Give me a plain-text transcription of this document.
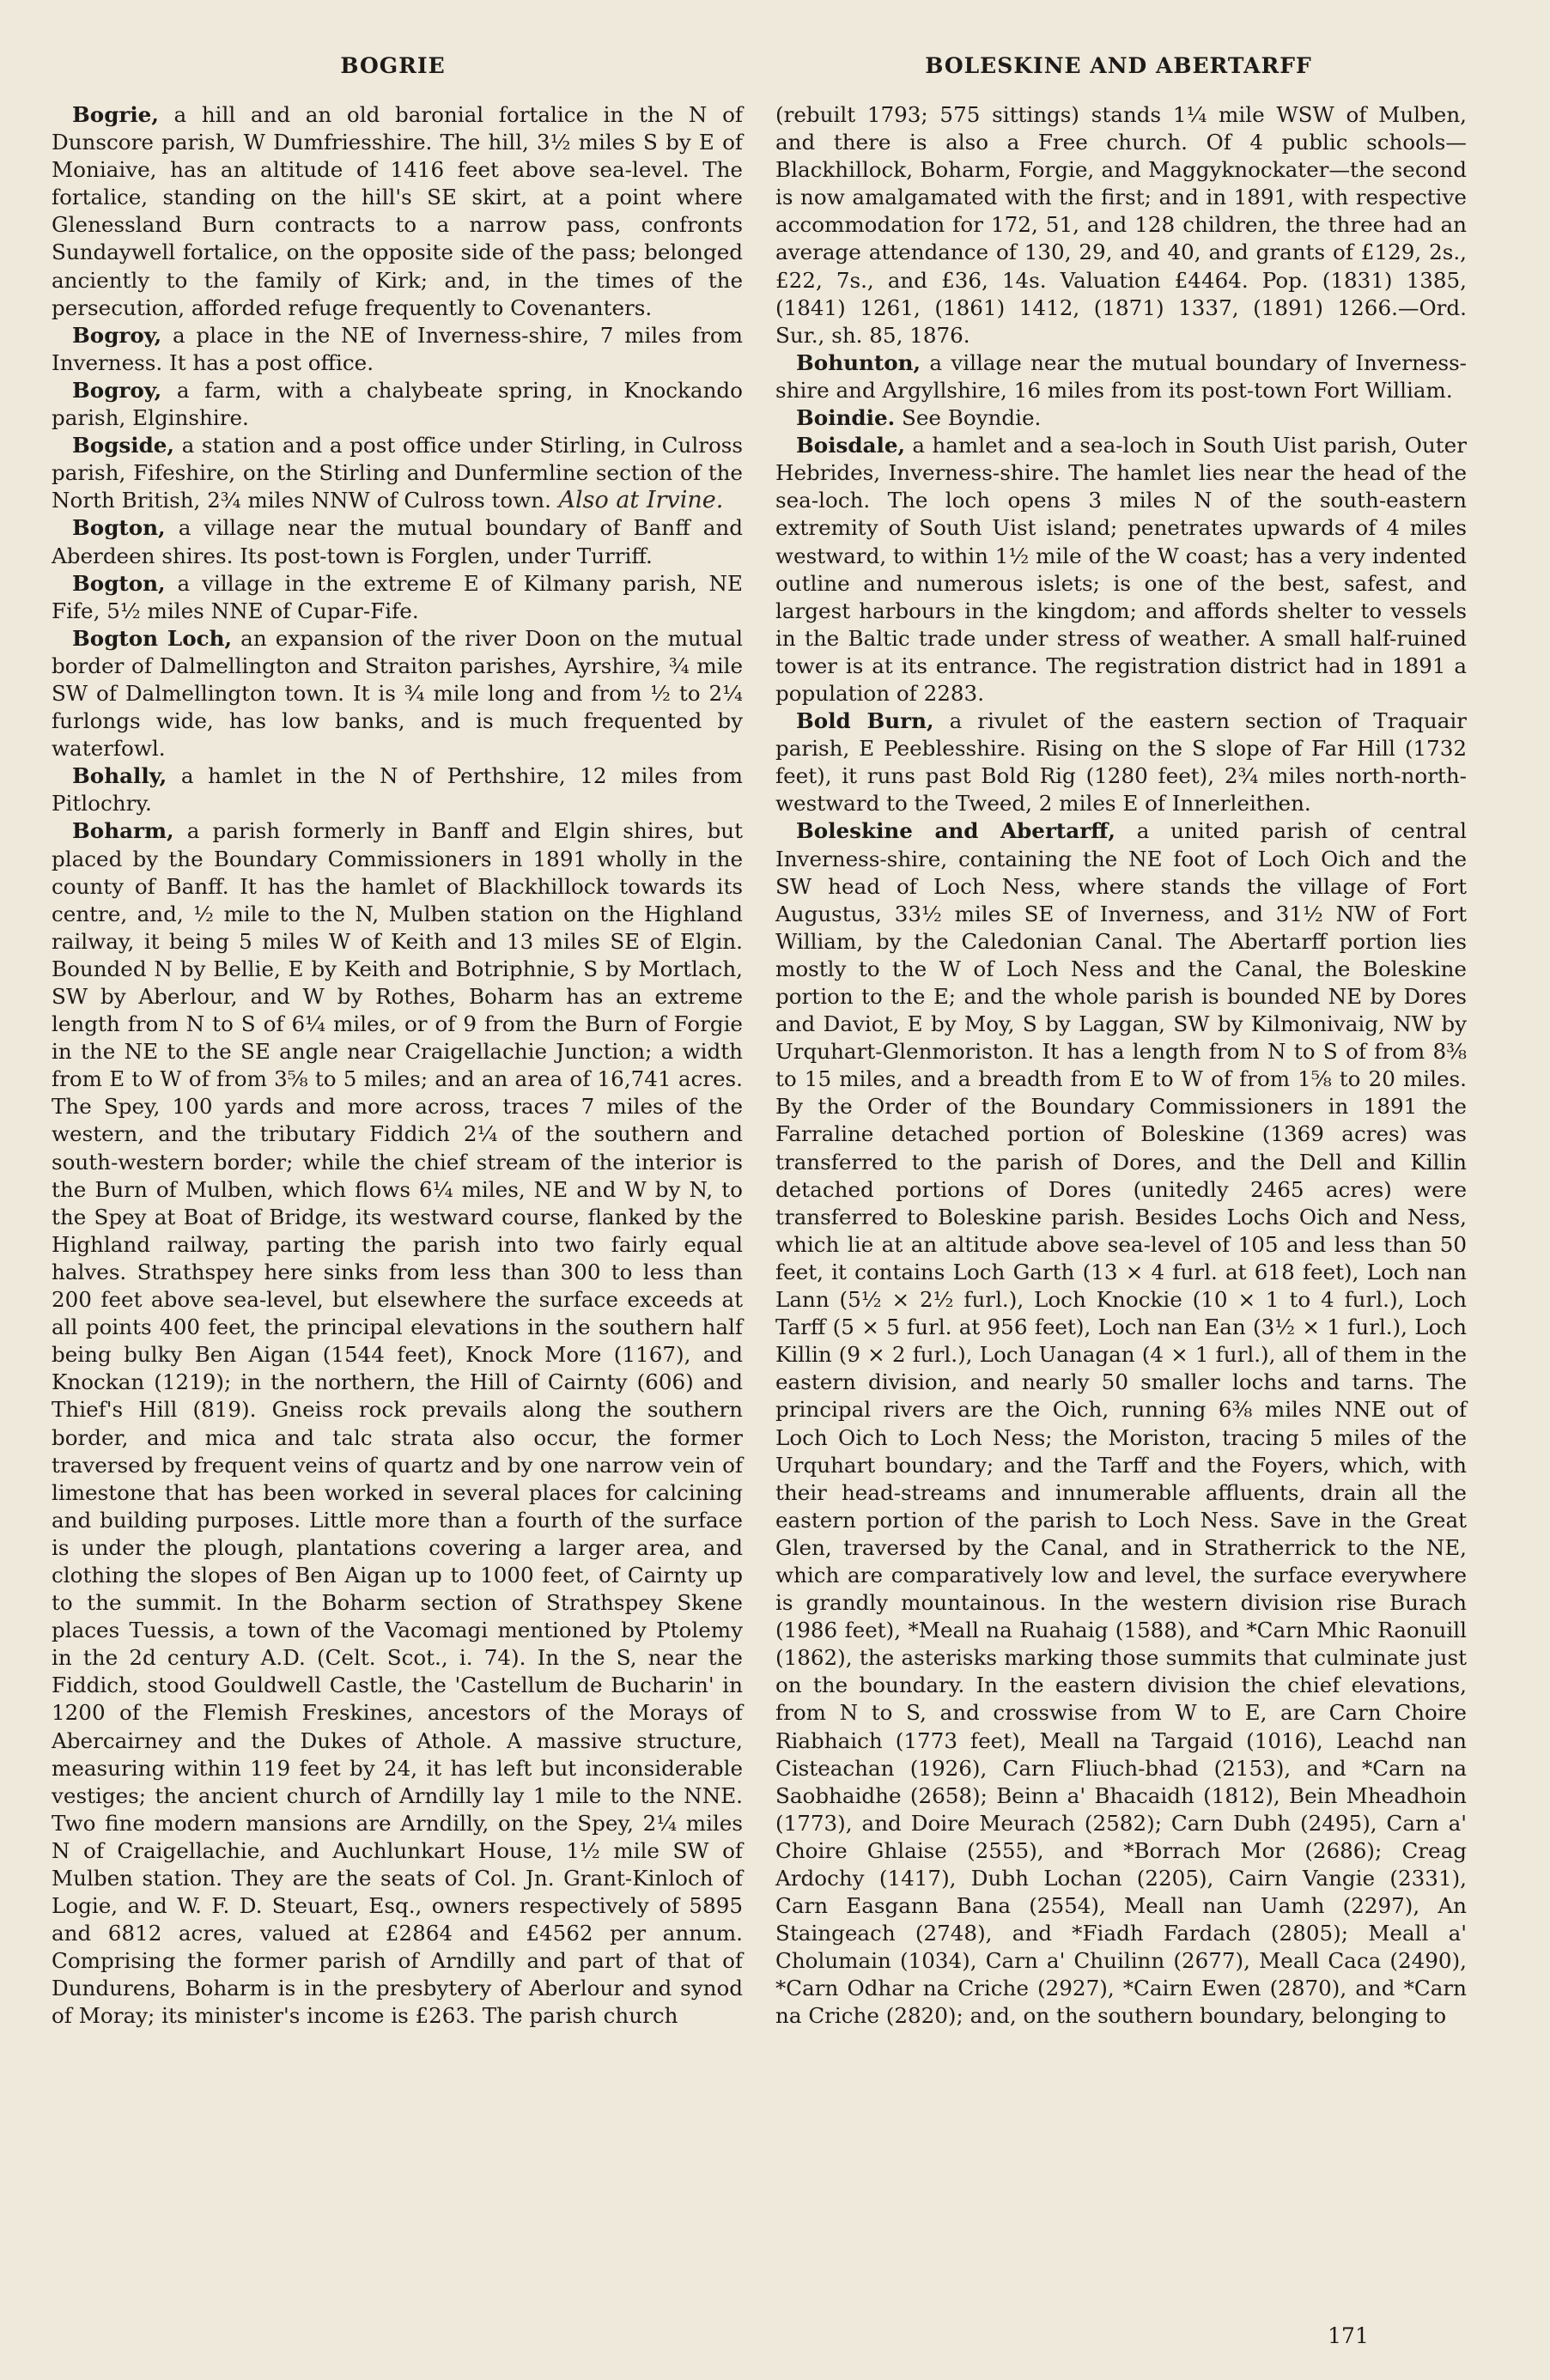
BOGRIE	BOLESKINE AND ABERTARFF

Bogrie, a hill and an old baronial fortalice in the N of Dunscore parish, W Dumfriesshire. The hill, 3½ miles S by E of Moniaive, has an altitude of 1416 feet above sea-level. The fortalice, standing on the hill's SE skirt, at a point where Glenessland Burn contracts to a narrow pass, confronts Sundaywell fortalice, on the opposite side of the pass; belonged anciently to the family of Kirk; and, in the times of the persecution, afforded refuge frequently to Covenanters.

Bogroy, a place in the NE of Inverness-shire, 7 miles from Inverness. It has a post office.

Bogroy, a farm, with a chalybeate spring, in Knockando parish, Elginshire.

Bogside, a station and a post office under Stirling, in Culross parish, Fifeshire, on the Stirling and Dunfermline section of the North British, 2¾ miles NNW of Culross town. Also at Irvine.

Bogton, a village near the mutual boundary of Banff and Aberdeen shires. Its post-town is Forglen, under Turriff.

Bogton, a village in the extreme E of Kilmany parish, NE Fife, 5½ miles NNE of Cupar-Fife.

Bogton Loch, an expansion of the river Doon on the mutual border of Dalmellington and Straiton parishes, Ayrshire, ¾ mile SW of Dalmellington town. It is ¾ mile long and from ½ to 2¼ furlongs wide, has low banks, and is much frequented by waterfowl.

Bohally, a hamlet in the N of Perthshire, 12 miles from Pitlochry.

Boharm, a parish formerly in Banff and Elgin shires, but placed by the Boundary Commissioners in 1891 wholly in the county of Banff. It has the hamlet of Blackhillock towards its centre, and, ½ mile to the N, Mulben station on the Highland railway, it being 5 miles W of Keith and 13 miles SE of Elgin. Bounded N by Bellie, E by Keith and Botriphnie, S by Mortlach, SW by Aberlour, and W by Rothes, Boharm has an extreme length from N to S of 6¼ miles, or of 9 from the Burn of Forgie in the NE to the SE angle near Craigellachie Junction; a width from E to W of from 3⅝ to 5 miles; and an area of 16,741 acres. The Spey, 100 yards and more across, traces 7 miles of the western, and the tributary Fiddich 2¼ of the southern and south-western border; while the chief stream of the interior is the Burn of Mulben, which flows 6¼ miles, NE and W by N, to the Spey at Boat of Bridge, its westward course, flanked by the Highland railway, parting the parish into two fairly equal halves. Strathspey here sinks from less than 300 to less than 200 feet above sea-level, but elsewhere the surface exceeds at all points 400 feet, the principal elevations in the southern half being bulky Ben Aigan (1544 feet), Knock More (1167), and Knockan (1219); in the northern, the Hill of Cairnty (606) and Thief's Hill (819). Gneiss rock prevails along the southern border, and mica and talc strata also occur, the former traversed by frequent veins of quartz and by one narrow vein of limestone that has been worked in several places for calcining and building purposes. Little more than a fourth of the surface is under the plough, plantations covering a larger area, and clothing the slopes of Ben Aigan up to 1000 feet, of Cairnty up to the summit. In the Boharm section of Strathspey Skene places Tuessis, a town of the Vacomagi mentioned by Ptolemy in the 2d century A.D. (Celt. Scot., i. 74). In the S, near the Fiddich, stood Gouldwell Castle, the 'Castellum de Bucharin' in 1200 of the Flemish Freskines, ancestors of the Morays of Abercairney and the Dukes of Athole. A massive structure, measuring within 119 feet by 24, it has left but inconsiderable vestiges; the ancient church of Arndilly lay 1 mile to the NNE. Two fine modern mansions are Arndilly, on the Spey, 2¼ miles N of Craigellachie, and Auchlunkart House, 1½ mile SW of Mulben station. They are the seats of Col. Jn. Grant-Kinloch of Logie, and W. F. D. Steuart, Esq., owners respectively of 5895 and 6812 acres, valued at £2864 and £4562 per annum. Comprising the former parish of Arndilly and part of that of Dundurens, Boharm is in the presbytery of Aberlour and synod of Moray; its minister's income is £263. The parish church

(rebuilt 1793; 575 sittings) stands 1¼ mile WSW of Mulben, and there is also a Free church. Of 4 public schools—Blackhillock, Boharm, Forgie, and Maggyknockater—the second is now amalgamated with the first; and in 1891, with respective accommodation for 172, 51, and 128 children, the three had an average attendance of 130, 29, and 40, and grants of £129, 2s., £22, 7s., and £36, 14s. Valuation £4464. Pop. (1831) 1385, (1841) 1261, (1861) 1412, (1871) 1337, (1891) 1266.—Ord. Sur., sh. 85, 1876.

Bohunton, a village near the mutual boundary of Inverness-shire and Argyllshire, 16 miles from its post-town Fort William.

Boindie. See Boyndie.

Boisdale, a hamlet and a sea-loch in South Uist parish, Outer Hebrides, Inverness-shire. The hamlet lies near the head of the sea-loch. The loch opens 3 miles N of the south-eastern extremity of South Uist island; penetrates upwards of 4 miles westward, to within 1½ mile of the W coast; has a very indented outline and numerous islets; is one of the best, safest, and largest harbours in the kingdom; and affords shelter to vessels in the Baltic trade under stress of weather. A small half-ruined tower is at its entrance. The registration district had in 1891 a population of 2283.

Bold Burn, a rivulet of the eastern section of Traquair parish, E Peeblesshire. Rising on the S slope of Far Hill (1732 feet), it runs past Bold Rig (1280 feet), 2¾ miles north-north-westward to the Tweed, 2 miles E of Innerleithen.

Boleskine and Abertarff, a united parish of central Inverness-shire, containing the NE foot of Loch Oich and the SW head of Loch Ness, where stands the village of Fort Augustus, 33½ miles SE of Inverness, and 31½ NW of Fort William, by the Caledonian Canal. The Abertarff portion lies mostly to the W of Loch Ness and the Canal, the Boleskine portion to the E; and the whole parish is bounded NE by Dores and Daviot, E by Moy, S by Laggan, SW by Kilmonivaig, NW by Urquhart-Glenmoriston. It has a length from N to S of from 8⅜ to 15 miles, and a breadth from E to W of from 1⅝ to 20 miles. By the Order of the Boundary Commissioners in 1891 the Farraline detached portion of Boleskine (1369 acres) was transferred to the parish of Dores, and the Dell and Killin detached portions of Dores (unitedly 2465 acres) were transferred to Boleskine parish. Besides Lochs Oich and Ness, which lie at an altitude above sea-level of 105 and less than 50 feet, it contains Loch Garth (13 × 4 furl. at 618 feet), Loch nan Lann (5½ × 2½ furl.), Loch Knockie (10 × 1 to 4 furl.), Loch Tarff (5 × 5 furl. at 956 feet), Loch nan Ean (3½ × 1 furl.), Loch Killin (9 × 2 furl.), Loch Uanagan (4 × 1 furl.), all of them in the eastern division, and nearly 50 smaller lochs and tarns. The principal rivers are the Oich, running 6⅜ miles NNE out of Loch Oich to Loch Ness; the Moriston, tracing 5 miles of the Urquhart boundary; and the Tarff and the Foyers, which, with their head-streams and innumerable affluents, drain all the eastern portion of the parish to Loch Ness. Save in the Great Glen, traversed by the Canal, and in Stratherrick to the NE, which are comparatively low and level, the surface everywhere is grandly mountainous. In the western division rise Burach (1986 feet), *Meall na Ruahaig (1588), and *Carn Mhic Raonuill (1862), the asterisks marking those summits that culminate just on the boundary. In the eastern division the chief elevations, from N to S, and crosswise from W to E, are Carn Choire Riabhaich (1773 feet), Meall na Targaid (1016), Leachd nan Cisteachan (1926), Carn Fliuch-bhad (2153), and *Carn na Saobhaidhe (2658); Beinn a' Bhacaidh (1812), Bein Mheadhoin (1773), and Doire Meurach (2582); Carn Dubh (2495), Carn a' Choire Ghlaise (2555), and *Borrach Mor (2686); Creag Ardochy (1417), Dubh Lochan (2205), Cairn Vangie (2331), Carn Easgann Bana (2554), Meall nan Uamh (2297), An Staingeach (2748), and *Fiadh Fardach (2805); Meall a' Cholumain (1034), Carn a' Chuilinn (2677), Meall Caca (2490), *Carn Odhar na Criche (2927), *Cairn Ewen (2870), and *Carn na Criche (2820); and, on the southern boundary, belonging to

171
